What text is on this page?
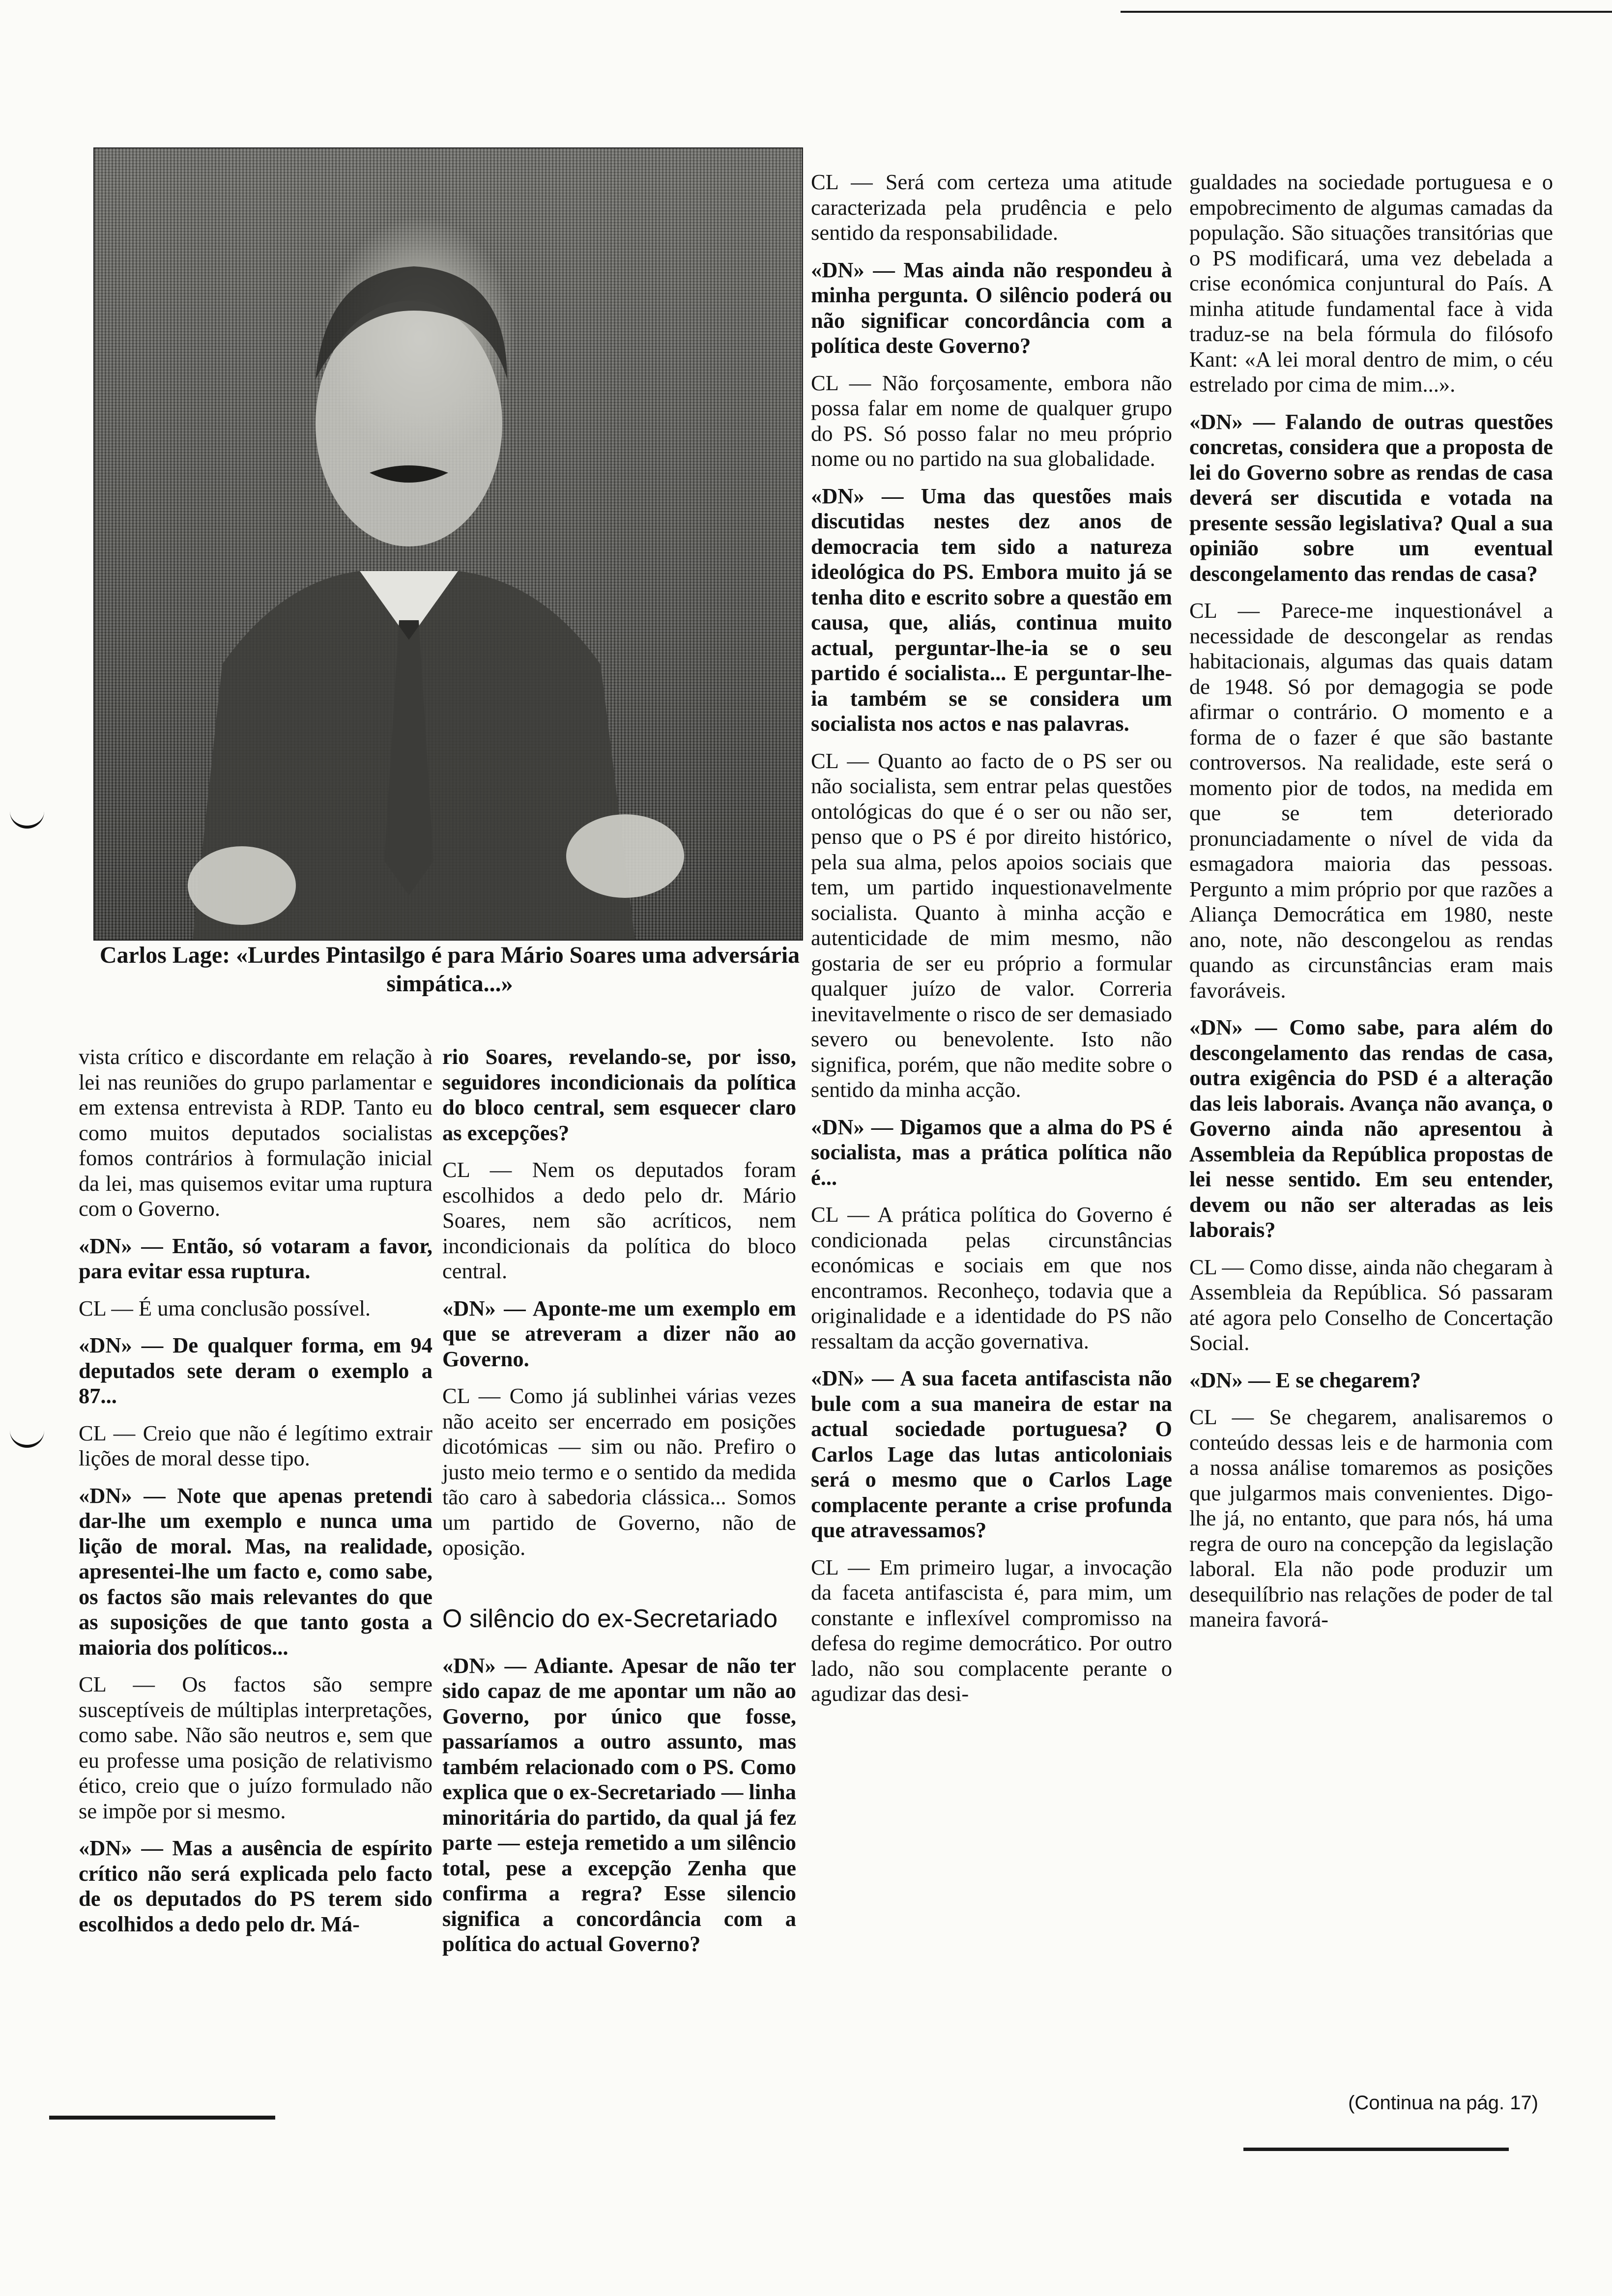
Carlos Lage: «Lurdes Pintasilgo é para Mário Soares uma adversária simpática...»

vista crítico e discordante em relação à lei nas reuniões do grupo parlamentar e em extensa entrevista à RDP. Tanto eu como muitos deputados socialistas fomos contrários à formulação inicial da lei, mas quisemos evitar uma ruptura com o Governo.

«DN» — Então, só votaram a favor, para evitar essa ruptura.

CL — É uma conclusão possível.

«DN» — De qualquer forma, em 94 deputados sete deram o exemplo a 87...

CL — Creio que não é legítimo extrair lições de moral desse tipo.

«DN» — Note que apenas pretendi dar-lhe um exemplo e nunca uma lição de moral. Mas, na realidade, apresentei-lhe um facto e, como sabe, os factos são mais relevantes do que as suposições de que tanto gosta a maioria dos políticos...

CL — Os factos são sempre susceptíveis de múltiplas interpretações, como sabe. Não são neutros e, sem que eu professe uma posição de relativismo ético, creio que o juízo formulado não se impõe por si mesmo.

«DN» — Mas a ausência de espírito crítico não será explicada pelo facto de os deputados do PS terem sido escolhidos a dedo pelo dr. Má-

rio Soares, revelando-se, por isso, seguidores incondicionais da política do bloco central, sem esquecer claro as excepções?

CL — Nem os deputados foram escolhidos a dedo pelo dr. Mário Soares, nem são acríticos, nem incondicionais da política do bloco central.

«DN» — Aponte-me um exemplo em que se atreveram a dizer não ao Governo.

CL — Como já sublinhei várias vezes não aceito ser encerrado em posições dicotómicas — sim ou não. Prefiro o justo meio termo e o sentido da medida tão caro à sabedoria clássica... Somos um partido de Governo, não de oposição.

O silêncio do ex-Secretariado

«DN» — Adiante. Apesar de não ter sido capaz de me apontar um não ao Governo, por único que fosse, passaríamos a outro assunto, mas também relacionado com o PS. Como explica que o ex-Secretariado — linha minoritária do partido, da qual já fez parte — esteja remetido a um silêncio total, pese a excepção Zenha que confirma a regra? Esse silencio significa a concordância com a política do actual Governo?

CL — Será com certeza uma atitude caracterizada pela prudência e pelo sentido da responsabilidade.

«DN» — Mas ainda não respondeu à minha pergunta. O silêncio poderá ou não significar concordância com a política deste Governo?

CL — Não forçosamente, embora não possa falar em nome de qualquer grupo do PS. Só posso falar no meu próprio nome ou no partido na sua globalidade.

«DN» — Uma das questões mais discutidas nestes dez anos de democracia tem sido a natureza ideológica do PS. Embora muito já se tenha dito e escrito sobre a questão em causa, que, aliás, continua muito actual, perguntar-lhe-ia se o seu partido é socialista... E perguntar-lhe-ia também se se considera um socialista nos actos e nas palavras.

CL — Quanto ao facto de o PS ser ou não socialista, sem entrar pelas questões ontológicas do que é o ser ou não ser, penso que o PS é por direito histórico, pela sua alma, pelos apoios sociais que tem, um partido inquestionavelmente socialista. Quanto à minha acção e autenticidade de mim mesmo, não gostaria de ser eu próprio a formular qualquer juízo de valor. Correria inevitavelmente o risco de ser demasiado severo ou benevolente. Isto não significa, porém, que não medite sobre o sentido da minha acção.

«DN» — Digamos que a alma do PS é socialista, mas a prática política não é...

CL — A prática política do Governo é condicionada pelas circunstâncias económicas e sociais em que nos encontramos. Reconheço, todavia que a originalidade e a identidade do PS não ressaltam da acção governativa.

«DN» — A sua faceta antifascista não bule com a sua maneira de estar na actual sociedade portuguesa? O Carlos Lage das lutas anticoloniais será o mesmo que o Carlos Lage complacente perante a crise profunda que atravessamos?

CL — Em primeiro lugar, a invocação da faceta antifascista é, para mim, um constante e inflexível compromisso na defesa do regime democrático. Por outro lado, não sou complacente perante o agudizar das desi-

gualdades na sociedade portuguesa e o empobrecimento de algumas camadas da população. São situações transitórias que o PS modificará, uma vez debelada a crise económica conjuntural do País. A minha atitude fundamental face à vida traduz-se na bela fórmula do filósofo Kant: «A lei moral dentro de mim, o céu estrelado por cima de mim...».

«DN» — Falando de outras questões concretas, considera que a proposta de lei do Governo sobre as rendas de casa deverá ser discutida e votada na presente sessão legislativa? Qual a sua opinião sobre um eventual descongelamento das rendas de casa?

CL — Parece-me inquestionável a necessidade de descongelar as rendas habitacionais, algumas das quais datam de 1948. Só por demagogia se pode afirmar o contrário. O momento e a forma de o fazer é que são bastante controversos. Na realidade, este será o momento pior de todos, na medida em que se tem deteriorado pronunciadamente o nível de vida da esmagadora maioria das pessoas. Pergunto a mim próprio por que razões a Aliança Democrática em 1980, neste ano, note, não descongelou as rendas quando as circunstâncias eram mais favoráveis.

«DN» — Como sabe, para além do descongelamento das rendas de casa, outra exigência do PSD é a alteração das leis laborais. Avança não avança, o Governo ainda não apresentou à Assembleia da República propostas de lei nesse sentido. Em seu entender, devem ou não ser alteradas as leis laborais?

CL — Como disse, ainda não chegaram à Assembleia da República. Só passaram até agora pelo Conselho de Concertação Social.

«DN» — E se chegarem?

CL — Se chegarem, analisaremos o conteúdo dessas leis e de harmonia com a nossa análise tomaremos as posições que julgarmos mais convenientes. Digo-lhe já, no entanto, que para nós, há uma regra de ouro na concepção da legislação laboral. Ela não pode produzir um desequilíbrio nas relações de poder de tal maneira favorá-

(Continua na pág. 17)
